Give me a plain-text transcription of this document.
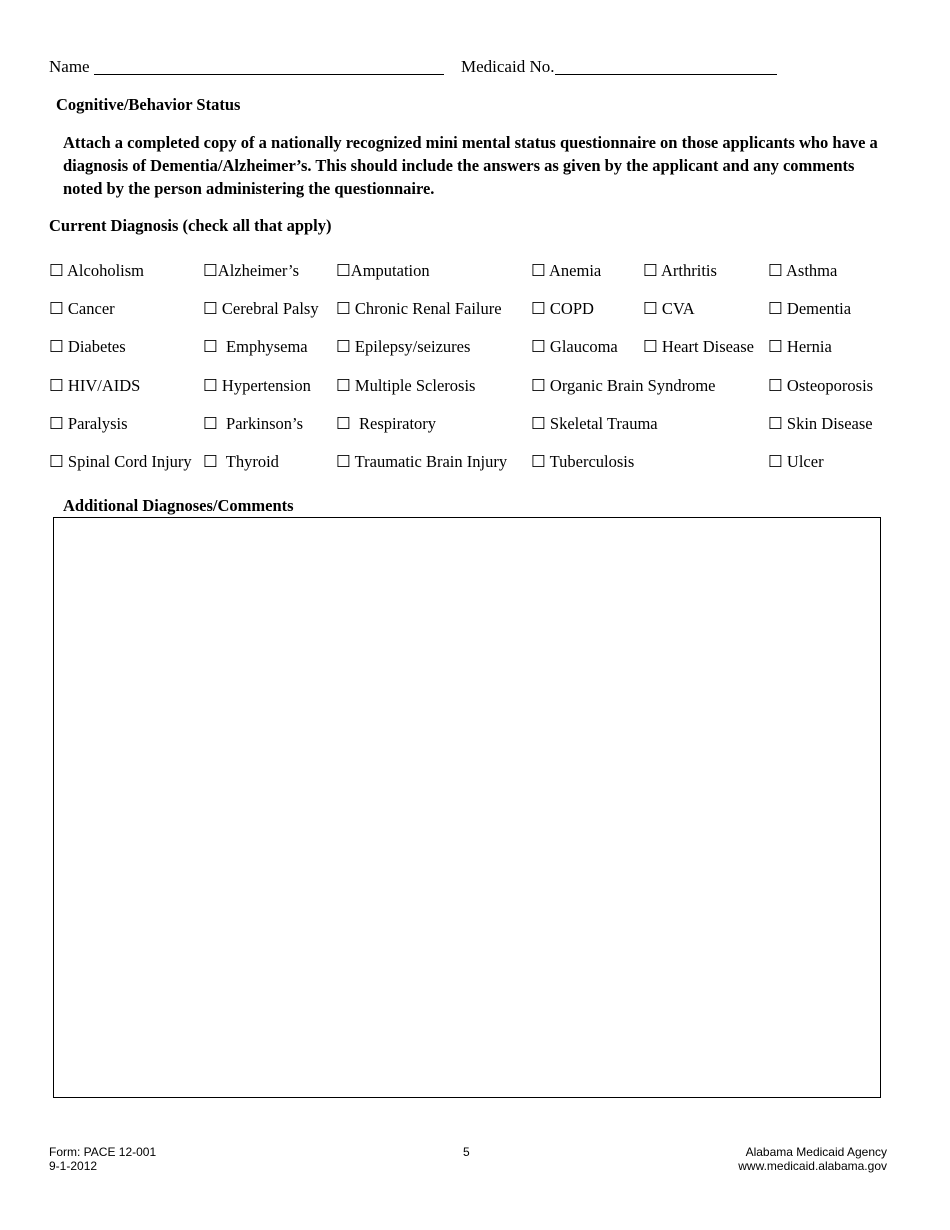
Name	Medicaid No.
Cognitive/Behavior Status
Attach a completed copy of a nationally recognized mini mental status questionnaire on those applicants who have a diagnosis of Dementia/Alzheimer’s. This should include the answers as given by the applicant and any comments noted by the person administering the questionnaire.
Current Diagnosis (check all that apply)
☐ Alcoholism	☐Alzheimer’s ☐Amputation	☐ Anemia	☐ Arthritis	☐ Asthma
☐ Cancer	☐ Cerebral Palsy ☐ Chronic Renal Failure ☐ COPD	☐ CVA	☐ Dementia
☐ Diabetes	☐ Emphysema ☐ Epilepsy/seizures	☐ Glaucoma ☐ Heart Disease ☐ Hernia
☐ HIV/AIDS	☐ Hypertension ☐ Multiple Sclerosis	☐ Organic Brain Syndrome	☐ Osteoporosis
☐ Paralysis	☐ Parkinson’s ☐ Respiratory	☐ Skeletal Trauma	☐ Skin Disease
☐ Spinal Cord Injury ☐ Thyroid	☐ Traumatic Brain Injury ☐ Tuberculosis	☐ Ulcer
Additional Diagnoses/Comments
Form: PACE 12-001
9-1-2012
5	Alabama Medicaid Agency
www.medicaid.alabama.gov
